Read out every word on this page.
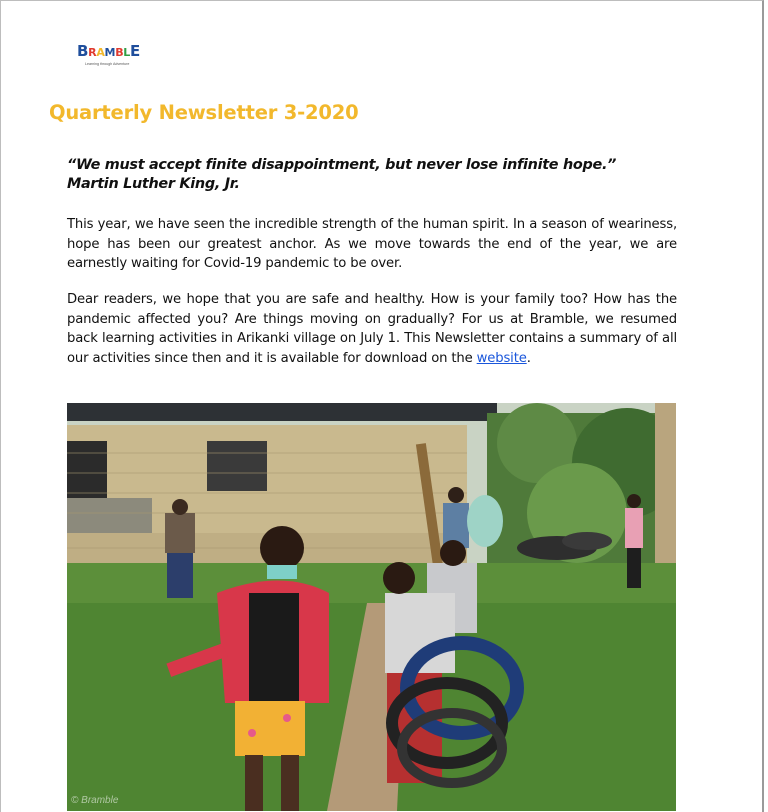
BRAMBLE
Learning through Adventure
Quarterly Newsletter 3-2020
“We must accept finite disappointment, but never lose infinite hope.”
Martin Luther King, Jr.

This year, we have seen the incredible strength of the human spirit. In a season of weariness, hope has been our greatest anchor. As we move towards the end of the year, we are earnestly waiting for Covid-19 pandemic to be over.

Dear readers, we hope that you are safe and healthy. How is your family too? How has the pandemic affected you? Are things moving on gradually? For us at Bramble, we resumed back learning activities in Arikanki village on July 1. This Newsletter contains a summary of all our activities since then and it is available for download on the website.

© Bramble
